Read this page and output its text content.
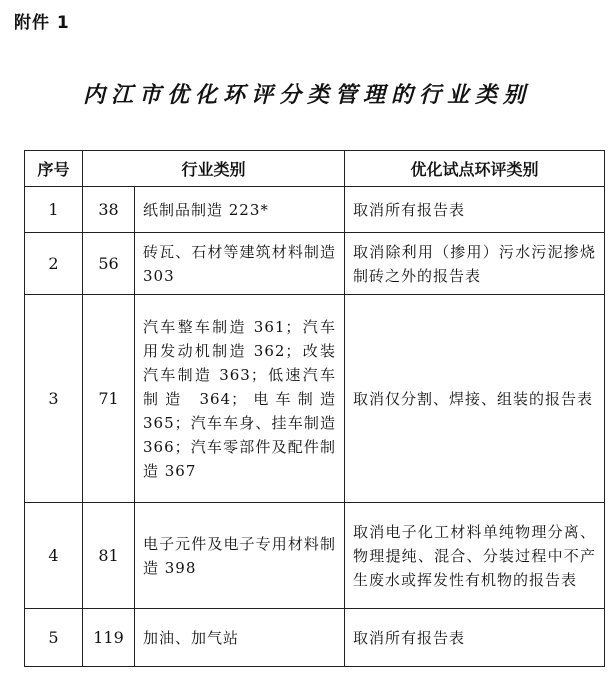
附件 1
内江市优化环评分类管理的行业类别
序号	行业类别		优化试点环评类别
1	38	纸制品制造 223*	取消所有报告表
2	56	砖瓦、石材等建筑材料制造 303	取消除利用（掺用）污水污泥掺烧制砖之外的报告表
3	71	汽车整车制造 361；汽车用发动机制造 362；改装汽车制造 363；低速汽车制造 364；电车制造 365；汽车车身、挂车制造 366；汽车零部件及配件制造 367	取消仅分割、焊接、组装的报告表
4	81	电子元件及电子专用材料制造 398	取消电子化工材料单纯物理分离、物理提纯、混合、分装过程中不产生废水或挥发性有机物的报告表
5	119	加油、加气站	取消所有报告表
